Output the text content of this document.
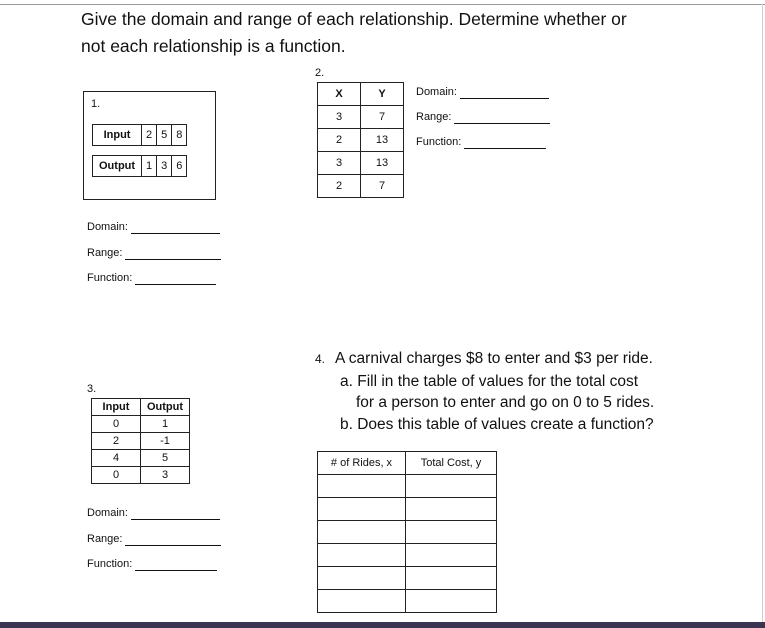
Give the domain and range of each relationship. Determine whether or
not each relationship is a function.
1.
Input	2	5	8

Output	1	3	6
Domain:
Range:
Function:
2.
X	Y
3	7
2	13
3	13
2	7
Domain:
Range:
Function:
3.
Input	Output
0	1
2	-1
4	5
0	3
Domain:
Range:
Function:
4. A carnival charges $8 to enter and $3 per ride.
a. Fill in the table of values for the total cost
for a person to enter and go on 0 to 5 rides.
b. Does this table of values create a function?
# of Rides, x	Total Cost, y
